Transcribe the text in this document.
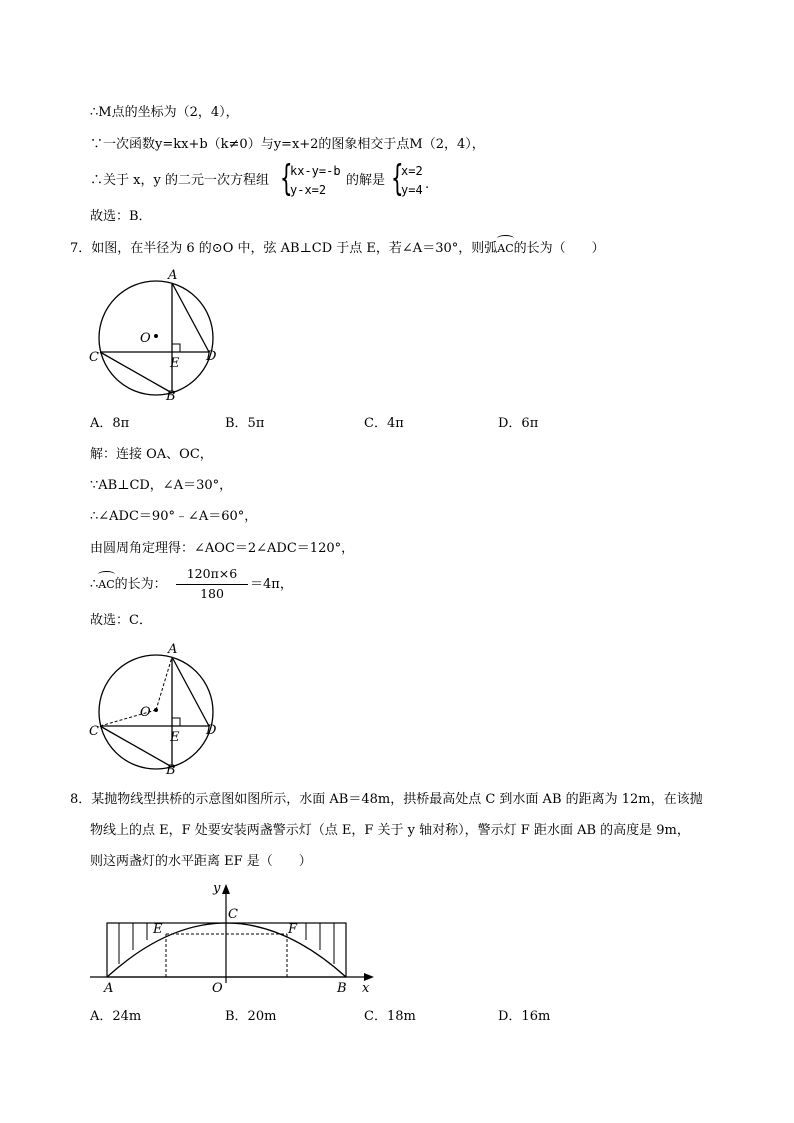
∴M点的坐标为（2，4），
∵一次函数y=kx+b（k≠0）与y=x+2的图象相交于点M（2，4），
∴关于 x，y 的二元一次方程组 {
kx-y=-b
y-x=2
的解是 {
x=2
y=4 .
故选：B．
7．如图，在半径为 6 的⊙O 中，弦 AB⊥CD 于点 E，若∠A＝30°，则弧
AC的长为（　　）
A
O
C	E D
B
A．8π	B．5π	C．4π	D．6π
解：连接 OA、OC，
∵AB⊥CD，∠A＝30°，
∴∠ADC＝90°﹣∠A＝60°，
由圆周角定理得：∠AOC＝2∠ADC＝120°，
∴
AC的长为：
120π×6
180
＝4π，
故选：C．
A
O
C	E D
B
8．某抛物线型拱桥的示意图如图所示，水面 AB＝48m，拱桥最高处点 C 到水面 AB 的距离为 12m，在该抛
物线上的点 E，F 处要安装两盏警示灯（点 E，F 关于 y 轴对称），警示灯 F 距水面 AB 的高度是 9m，
则这两盏灯的水平距离 EF 是（　　）
y
C
E	F
A	O	B x
A．24m	B．20m	C．18m	D．16m
